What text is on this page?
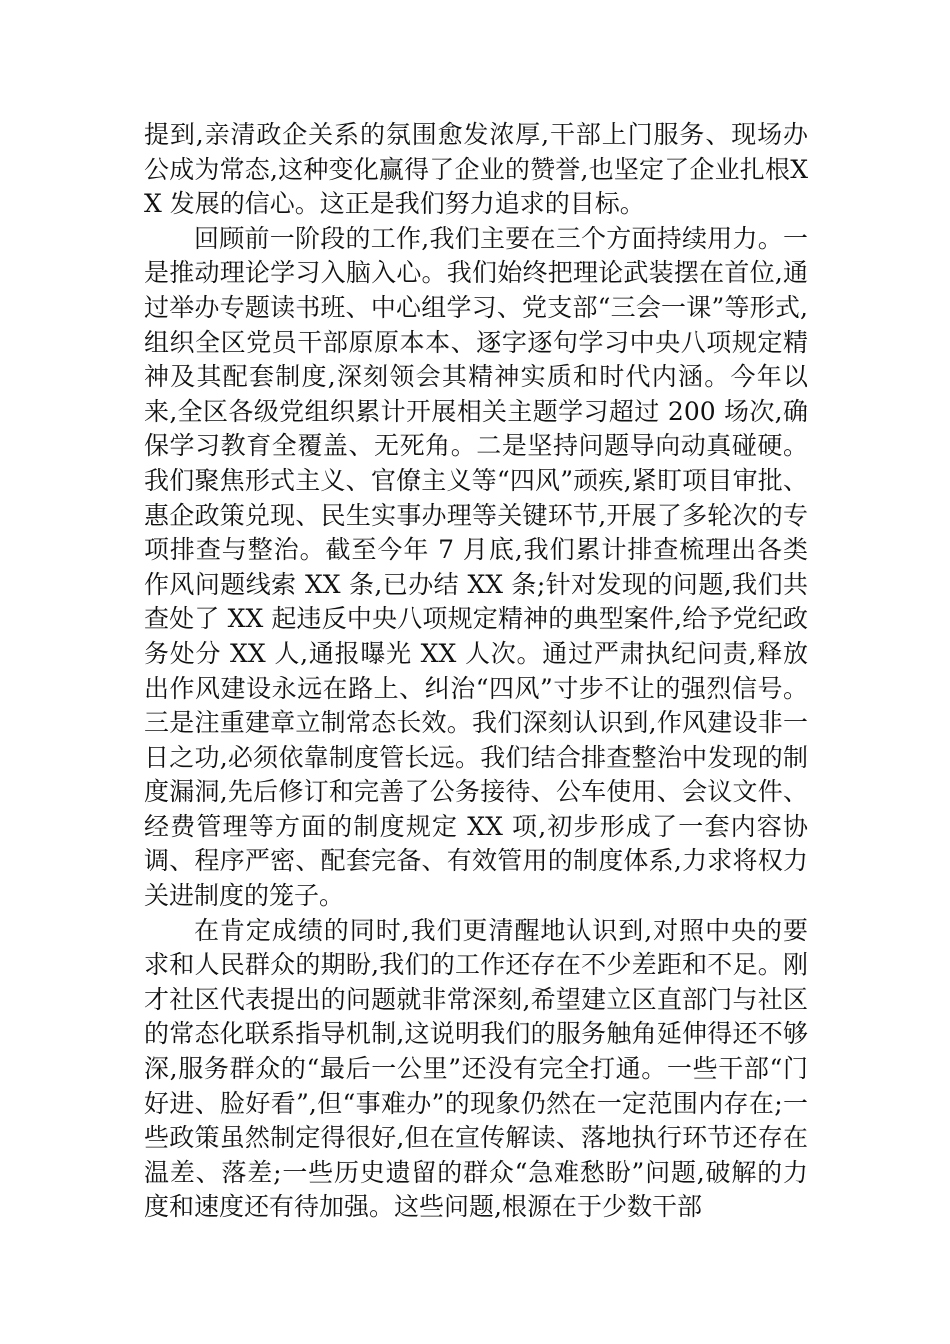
提到,亲清政企关系的氛围愈发浓厚,干部上门服务、现场办公成为常态,这种变化赢得了企业的赞誉,也坚定了企业扎根XX 发展的信心。这正是我们努力追求的目标。

回顾前一阶段的工作,我们主要在三个方面持续用力。一是推动理论学习入脑入心。我们始终把理论武装摆在首位,通过举办专题读书班、中心组学习、党支部“三会一课”等形式,组织全区党员干部原原本本、逐字逐句学习中央八项规定精神及其配套制度,深刻领会其精神实质和时代内涵。今年以来,全区各级党组织累计开展相关主题学习超过 200 场次,确保学习教育全覆盖、无死角。二是坚持问题导向动真碰硬。我们聚焦形式主义、官僚主义等“四风”顽疾,紧盯项目审批、惠企政策兑现、民生实事办理等关键环节,开展了多轮次的专项排查与整治。截至今年 7 月底,我们累计排查梳理出各类作风问题线索 XX 条,已办结 XX 条;针对发现的问题,我们共查处了 XX 起违反中央八项规定精神的典型案件,给予党纪政务处分 XX 人,通报曝光 XX 人次。通过严肃执纪问责,释放出作风建设永远在路上、纠治“四风”寸步不让的强烈信号。三是注重建章立制常态长效。我们深刻认识到,作风建设非一日之功,必须依靠制度管长远。我们结合排查整治中发现的制度漏洞,先后修订和完善了公务接待、公车使用、会议文件、经费管理等方面的制度规定 XX 项,初步形成了一套内容协调、程序严密、配套完备、有效管用的制度体系,力求将权力关进制度的笼子。

在肯定成绩的同时,我们更清醒地认识到,对照中央的要求和人民群众的期盼,我们的工作还存在不少差距和不足。刚才社区代表提出的问题就非常深刻,希望建立区直部门与社区的常态化联系指导机制,这说明我们的服务触角延伸得还不够深,服务群众的“最后一公里”还没有完全打通。一些干部“门好进、脸好看”,但“事难办”的现象仍然在一定范围内存在;一些政策虽然制定得很好,但在宣传解读、落地执行环节还存在温差、落差;一些历史遗留的群众“急难愁盼”问题,破解的力度和速度还有待加强。这些问题,根源在于少数干部
